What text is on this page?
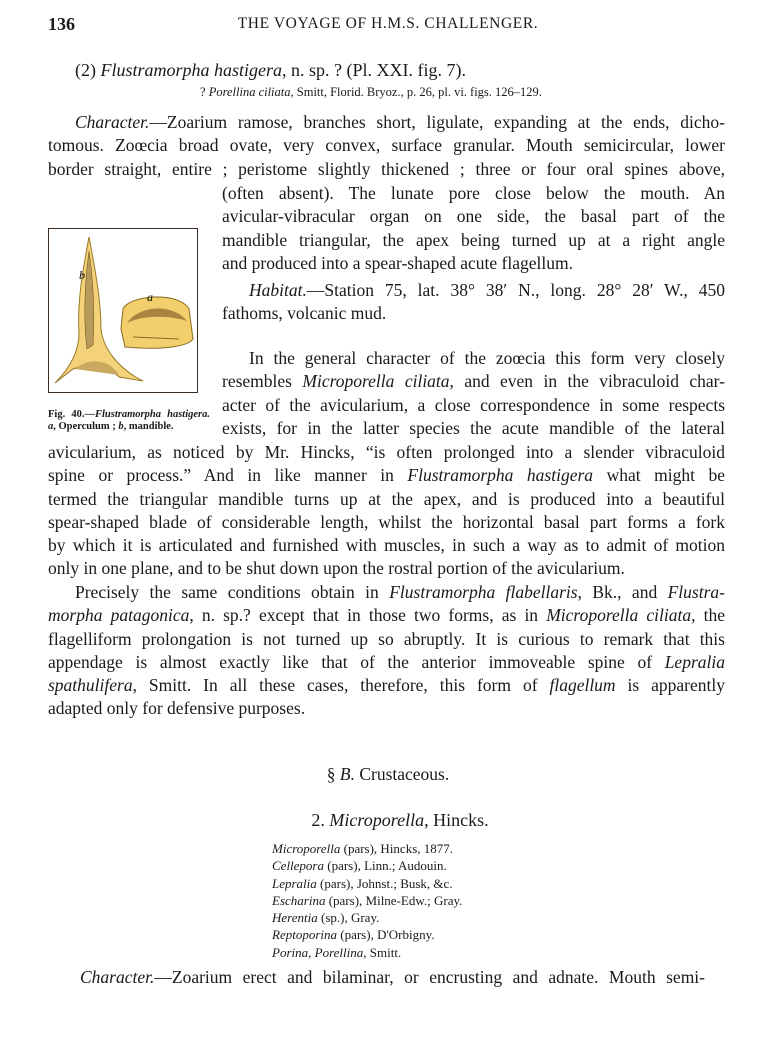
136	THE VOYAGE OF H.M.S. CHALLENGER.
(2) Flustramorpha hastigera, n. sp. ? (Pl. XXI. fig. 7).
? Porellina ciliata, Smitt, Florid. Bryoz., p. 26, pl. vi. figs. 126–129.
Character.—Zoarium ramose, branches short, ligulate, expanding at the ends, dicho-
tomous. Zoœcia broad ovate, very convex, surface granular. Mouth semicircular, lower
border straight, entire ; peristome slightly thickened ; three or four oral spines above,
(often absent). The lunate pore close below the mouth. An
avicular-vibracular organ on one side, the basal part of the
mandible triangular, the apex being turned up at a right angle
and produced into a spear-shaped acute flagellum.
Habitat.—Station 75, lat. 38° 38′ N., long. 28° 28′ W., 450
fathoms, volcanic mud.
In the general character of the zoœcia this form very closely
resembles Microporella ciliata, and even in the vibraculoid char-
acter of the avicularium, a close correspondence in some respects
exists, for in the latter species the acute mandible of the lateral
avicularium, as noticed by Mr. Hincks, “is often prolonged into a slender vibraculoid
spine or process.” And in like manner in Flustramorpha hastigera what might be
termed the triangular mandible turns up at the apex, and is produced into a beautiful
spear-shaped blade of considerable length, whilst the horizontal basal part forms a fork
by which it is articulated and furnished with muscles, in such a way as to admit of motion
only in one plane, and to be shut down upon the rostral portion of the avicularium.
Precisely the same conditions obtain in Flustramorpha flabellaris, Bk., and Flustra-
morpha patagonica, n. sp.? except that in those two forms, as in Microporella ciliata, the
flagelliform prolongation is not turned up so abruptly. It is curious to remark that this
appendage is almost exactly like that of the anterior immoveable spine of Lepralia
spathulifera, Smitt. In all these cases, therefore, this form of flagellum is apparently
adapted only for defensive purposes.
b
a
Fig. 40.—Flustramorpha hastigera. a, Operculum ; b, mandible.
§ B. Crustaceous.
2. Microporella, Hincks.
Microporella (pars), Hincks, 1877.
Cellepora (pars), Linn.; Audouin.
Lepralia (pars), Johnst.; Busk, &c.
Escharina (pars), Milne-Edw.; Gray.
Herentia (sp.), Gray.
Reptoporina (pars), D'Orbigny.
Porina, Porellina, Smitt.
Character.—Zoarium erect and bilaminar, or encrusting and adnate. Mouth semi-
